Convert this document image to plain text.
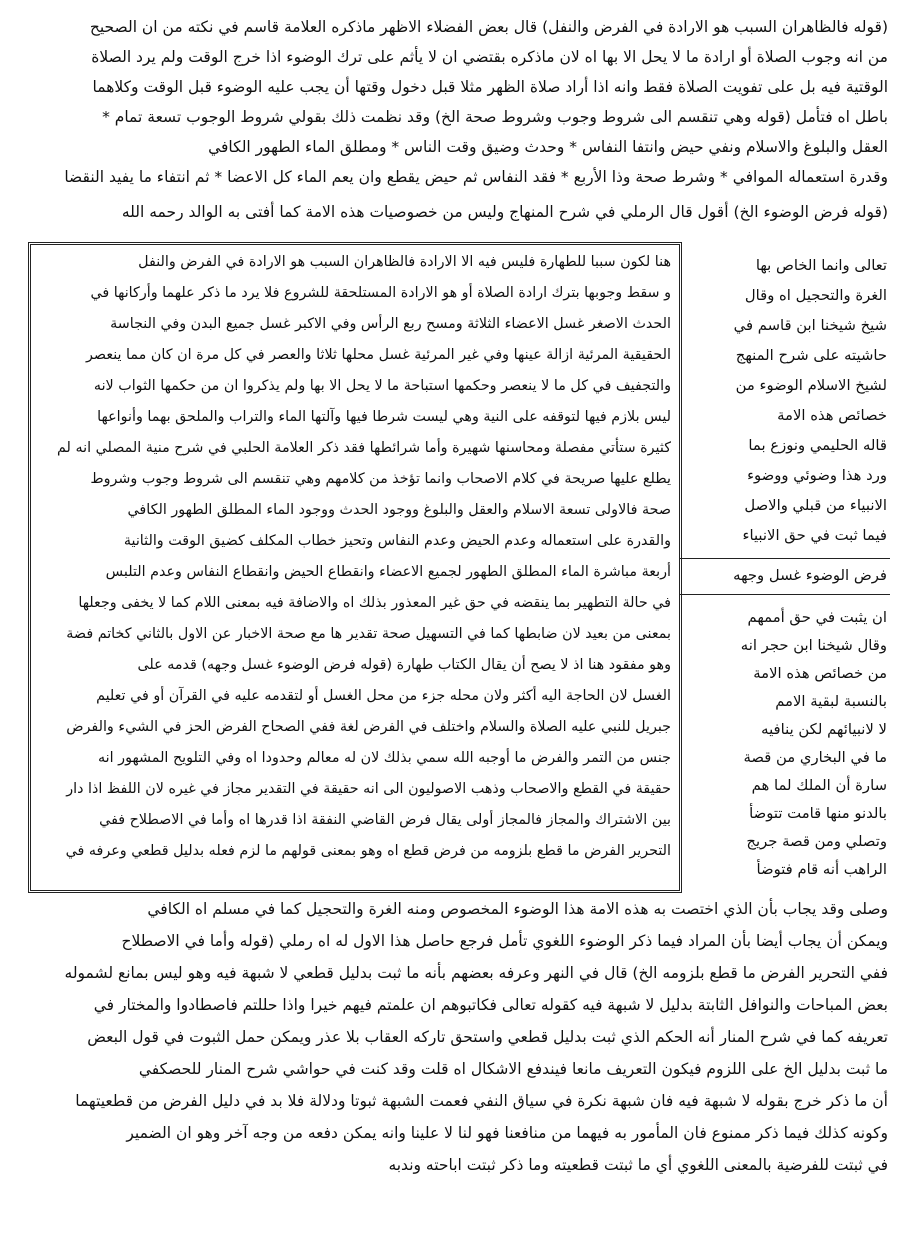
(قوله فالظاهران السبب هو الارادة في الفرض والنفل) قال بعض الفضلاء الاظهر ماذكره العلامة قاسم في نكته من ان الصحيح
من انه وجوب الصلاة أو ارادة ما لا يحل الا بها اه لان ماذكره بقتضي ان لا يأثم على ترك الوضوء اذا خرج الوقت ولم يرد الصلاة
الوقتية فيه بل على تفويت الصلاة فقط وانه اذا أراد صلاة الظهر مثلا قبل دخول وقتها أن يجب عليه الوضوء قبل الوقت وكلاهما
باطل اه فتأمل (قوله وهي تنقسم الى شروط وجوب وشروط صحة الخ) وقد نظمت ذلك بقولي شروط الوجوب تسعة تمام *
العقل والبلوغ والاسلام ونفي حيض وانتفا النفاس * وحدث وضيق وقت الناس * ومطلق الماء الطهور الكافي
وقدرة استعماله الموافي * وشرط صحة وذا الأربع * فقد النفاس ثم حيض يقطع وان يعم الماء كل الاعضا * ثم انتفاء ما يفيد النقضا
(قوله فرض الوضوء الخ) أقول قال الرملي في شرح المنهاج وليس من خصوصيات هذه الامة كما أفتى به الوالد رحمه الله
هنا لكون سببا للطهارة فليس فيه الا الارادة فالظاهران السبب هو الارادة في الفرض والنفل
و سقط وجوبها بترك ارادة الصلاة أو هو الارادة المستلحقة للشروع فلا يرد ما ذكر علهما وأركانها في
الحدث الاصغر غسل الاعضاء الثلاثة ومسح ربع الرأس وفي الاكبر غسل جميع البدن وفي النجاسة
الحقيقية المرئية ازالة عينها وفي غير المرئية غسل محلها ثلاثا والعصر في كل مرة ان كان مما ينعصر
والتجفيف في كل ما لا ينعصر وحكمها استباحة ما لا يحل الا بها ولم يذكروا ان من حكمها الثواب لانه
ليس بلازم فيها لتوقفه على النية وهي ليست شرطا فيها وآلتها الماء والتراب والملحق بهما وأنواعها
كثيرة ستأتي مفصلة ومحاسنها شهيرة وأما شرائطها فقد ذكر العلامة الحلبي في شرح منية المصلي انه لم
يطلع عليها صريحة في كلام الاصحاب وانما تؤخذ من كلامهم وهي تنقسم الى شروط وجوب وشروط
صحة فالاولى تسعة الاسلام والعقل والبلوغ ووجود الحدث ووجود الماء المطلق الطهور الكافي
والقدرة على استعماله وعدم الحيض وعدم النفاس وتحيز خطاب المكلف كضيق الوقت والثانية
أربعة مباشرة الماء المطلق الطهور لجميع الاعضاء وانقطاع الحيض وانقطاع النفاس وعدم التلبس
في حالة التطهير بما ينقضه في حق غير المعذور بذلك اه والاضافة فيه بمعنى اللام كما لا يخفى وجعلها
بمعنى من بعيد لان ضابطها كما في التسهيل صحة تقدير ها مع صحة الاخبار عن الاول بالثاني كخاتم فضة
وهو مفقود هنا اذ لا يصح أن يقال الكتاب طهارة (قوله فرض الوضوء غسل وجهه) قدمه على
الغسل لان الحاجة اليه أكثر ولان محله جزء من محل الغسل أو لتقدمه عليه في القرآن أو في تعليم
جبريل للنبي عليه الصلاة والسلام واختلف في الفرض لغة ففي الصحاح الفرض الحز في الشيء والفرض
جنس من التمر والفرض ما أوجبه الله سمي بذلك لان له معالم وحدودا اه وفي التلويح المشهور انه
حقيقة في القطع والاصحاب وذهب الاصوليون الى انه حقيقة في التقدير مجاز في غيره لان اللفظ اذا دار
بين الاشتراك والمجاز فالمجاز أولى يقال فرض القاضي النفقة اذا قدرها اه وأما في الاصطلاح ففي
التحرير الفرض ما قطع بلزومه من فرض قطع اه وهو بمعنى قولهم ما لزم فعله بدليل قطعي وعرفه في
تعالى وانما الخاص بها
الغرة والتحجيل اه وقال
شيخ شيخنا ابن قاسم في
حاشيته على شرح المنهج
لشيخ الاسلام الوضوء من
خصائص هذه الامة
قاله الحليمي ونوزع بما
ورد هذا وضوئي ووضوء
الانبياء من قبلي والاصل
فيما ثبت في حق الانبياء
فرض الوضوء غسل وجهه
ان يثبت في حق أممهم
وقال شيخنا ابن حجر انه
من خصائص هذه الامة
بالنسبة لبقية الامم
لا لانبيائهم لكن ينافيه
ما في البخاري من قصة
سارة أن الملك لما هم
بالدنو منها قامت تتوضأ
وتصلي ومن قصة جريج
الراهب أنه قام فتوضأ
وصلى وقد يجاب بأن الذي اختصت به هذه الامة هذا الوضوء المخصوص ومنه الغرة والتحجيل كما في مسلم اه الكافي
ويمكن أن يجاب أيضا بأن المراد فيما ذكر الوضوء اللغوي تأمل فرجع حاصل هذا الاول له اه رملي (قوله وأما في الاصطلاح
ففي التحرير الفرض ما قطع بلزومه الخ) قال في النهر وعرفه بعضهم بأنه ما ثبت بدليل قطعي لا شبهة فيه وهو ليس بمانع لشموله
بعض المباحات والنوافل الثابتة بدليل لا شبهة فيه كقوله تعالى فكاتبوهم ان علمتم فيهم خيرا واذا حللتم فاصطادوا والمختار في
تعريفه كما في شرح المنار أنه الحكم الذي ثبت بدليل قطعي واستحق تاركه العقاب بلا عذر ويمكن حمل الثبوت في قول البعض
ما ثبت بدليل الخ على اللزوم فيكون التعريف مانعا فيندفع الاشكال اه قلت وقد كنت في حواشي شرح المنار للحصكفي
أن ما ذكر خرج بقوله لا شبهة فيه فان شبهة نكرة في سياق النفي فعمت الشبهة ثبوتا ودلالة فلا بد في دليل الفرض من قطعيتهما
وكونه كذلك فيما ذكر ممنوع فان المأمور به فيهما من منافعنا فهو لنا لا علينا وانه يمكن دفعه من وجه آخر وهو ان الضمير
في ثبتت للفرضية بالمعنى اللغوي أي ما ثبتت قطعيته وما ذكر ثبتت اباحته وندبه
